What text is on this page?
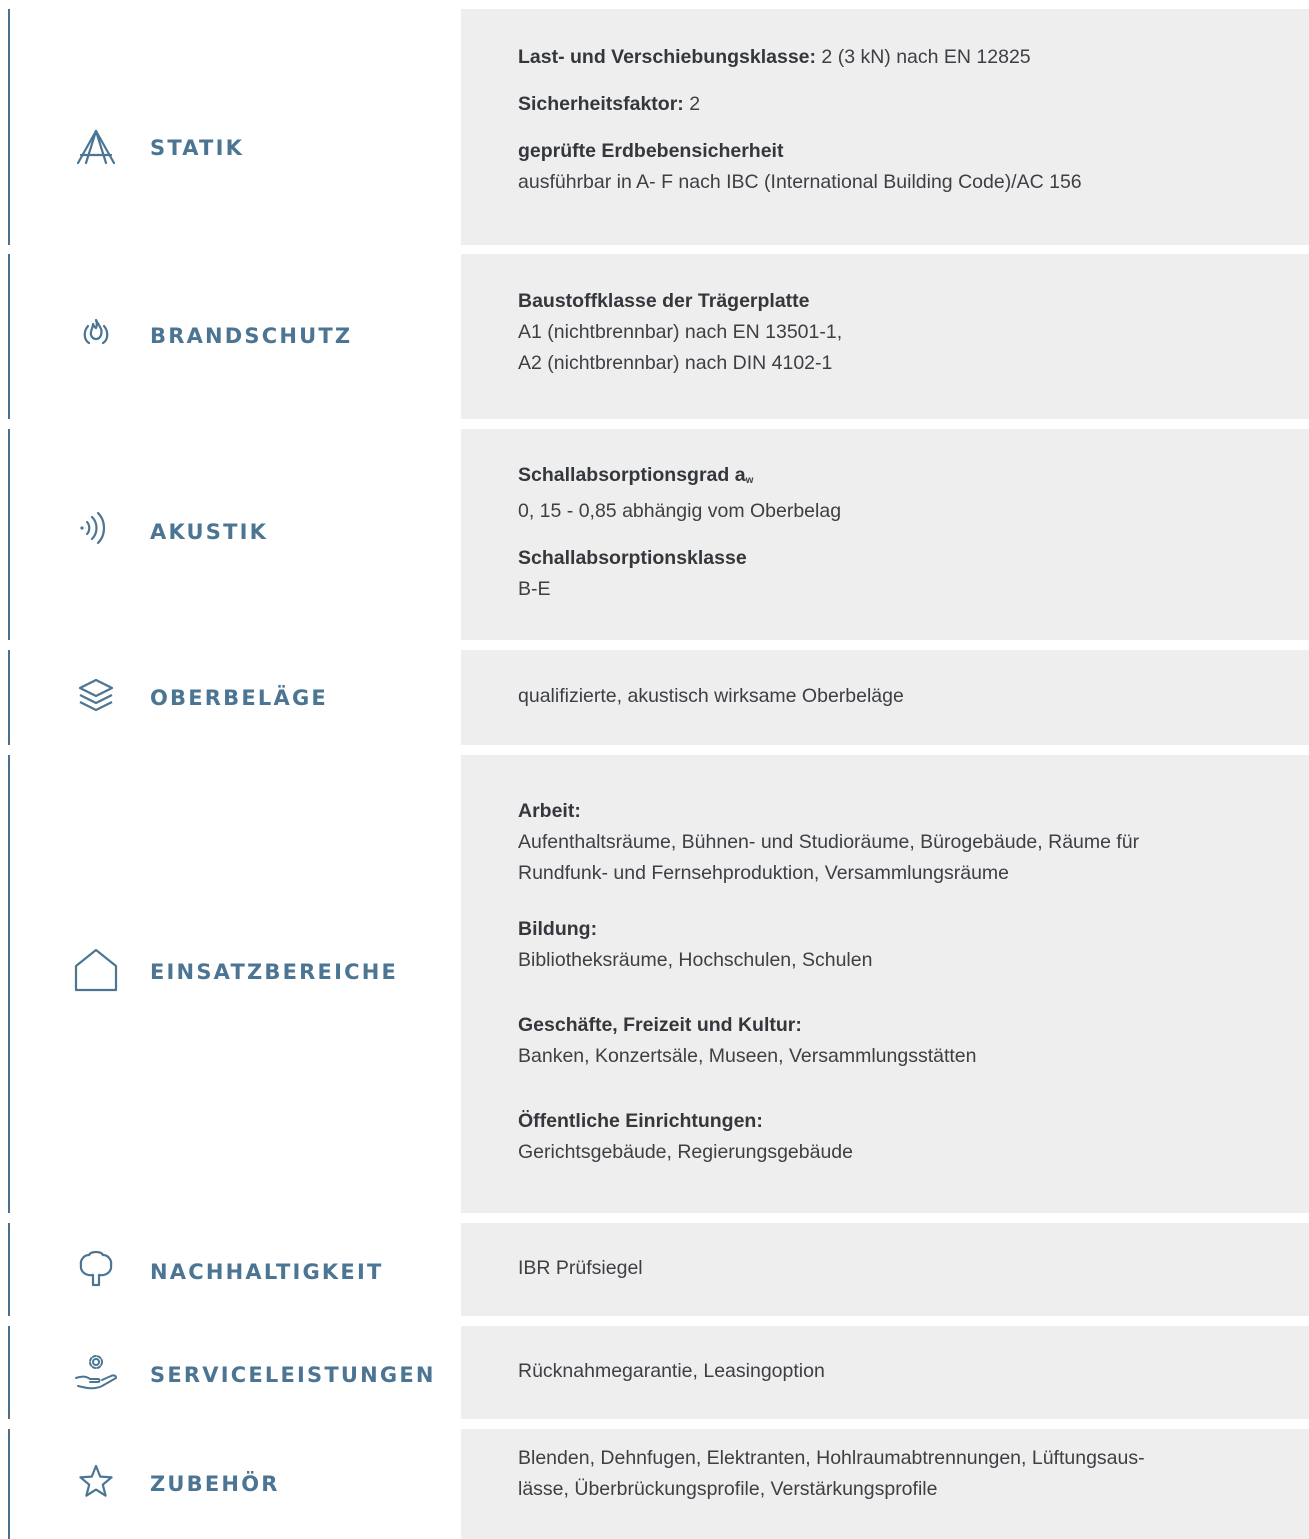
STATIK
Last- und Verschiebungsklasse: 2 (3 kN) nach EN 12825
Sicherheitsfaktor: 2
geprüfte Erdbebensicherheit
ausführbar in A- F nach IBC (International Building Code)/AC 156
BRANDSCHUTZ
Baustoffklasse der Trägerplatte
A1 (nichtbrennbar) nach EN 13501-1,
A2 (nichtbrennbar) nach DIN 4102-1
AKUSTIK
Schallabsorptionsgrad $a_w$
0, 15 - 0,85 abhängig vom Oberbelag
Schallabsorptionsklasse
B-E
OBERBELÄGE	qualifizierte, akustisch wirksame Oberbeläge
EINSATZBEREICHE
Arbeit:
Aufenthaltsräume, Bühnen- und Studioräume, Bürogebäude, Räume für
Rundfunk- und Fernsehproduktion, Versammlungsräume
Bildung:
Bibliotheksräume, Hochschulen, Schulen
Geschäfte, Freizeit und Kultur:
Banken, Konzertsäle, Museen, Versammlungsstätten
Öffentliche Einrichtungen:
Gerichtsgebäude, Regierungsgebäude
NACHHALTIGKEIT	IBR Prüfsiegel
SERVICELEISTUNGEN	Rücknahmegarantie, Leasingoption
ZUBEHÖR
Blenden, Dehnfugen, Elektranten, Hohlraumabtrennungen, Lüftungsaus-
lässe, Überbrückungsprofile, Verstärkungsprofile
